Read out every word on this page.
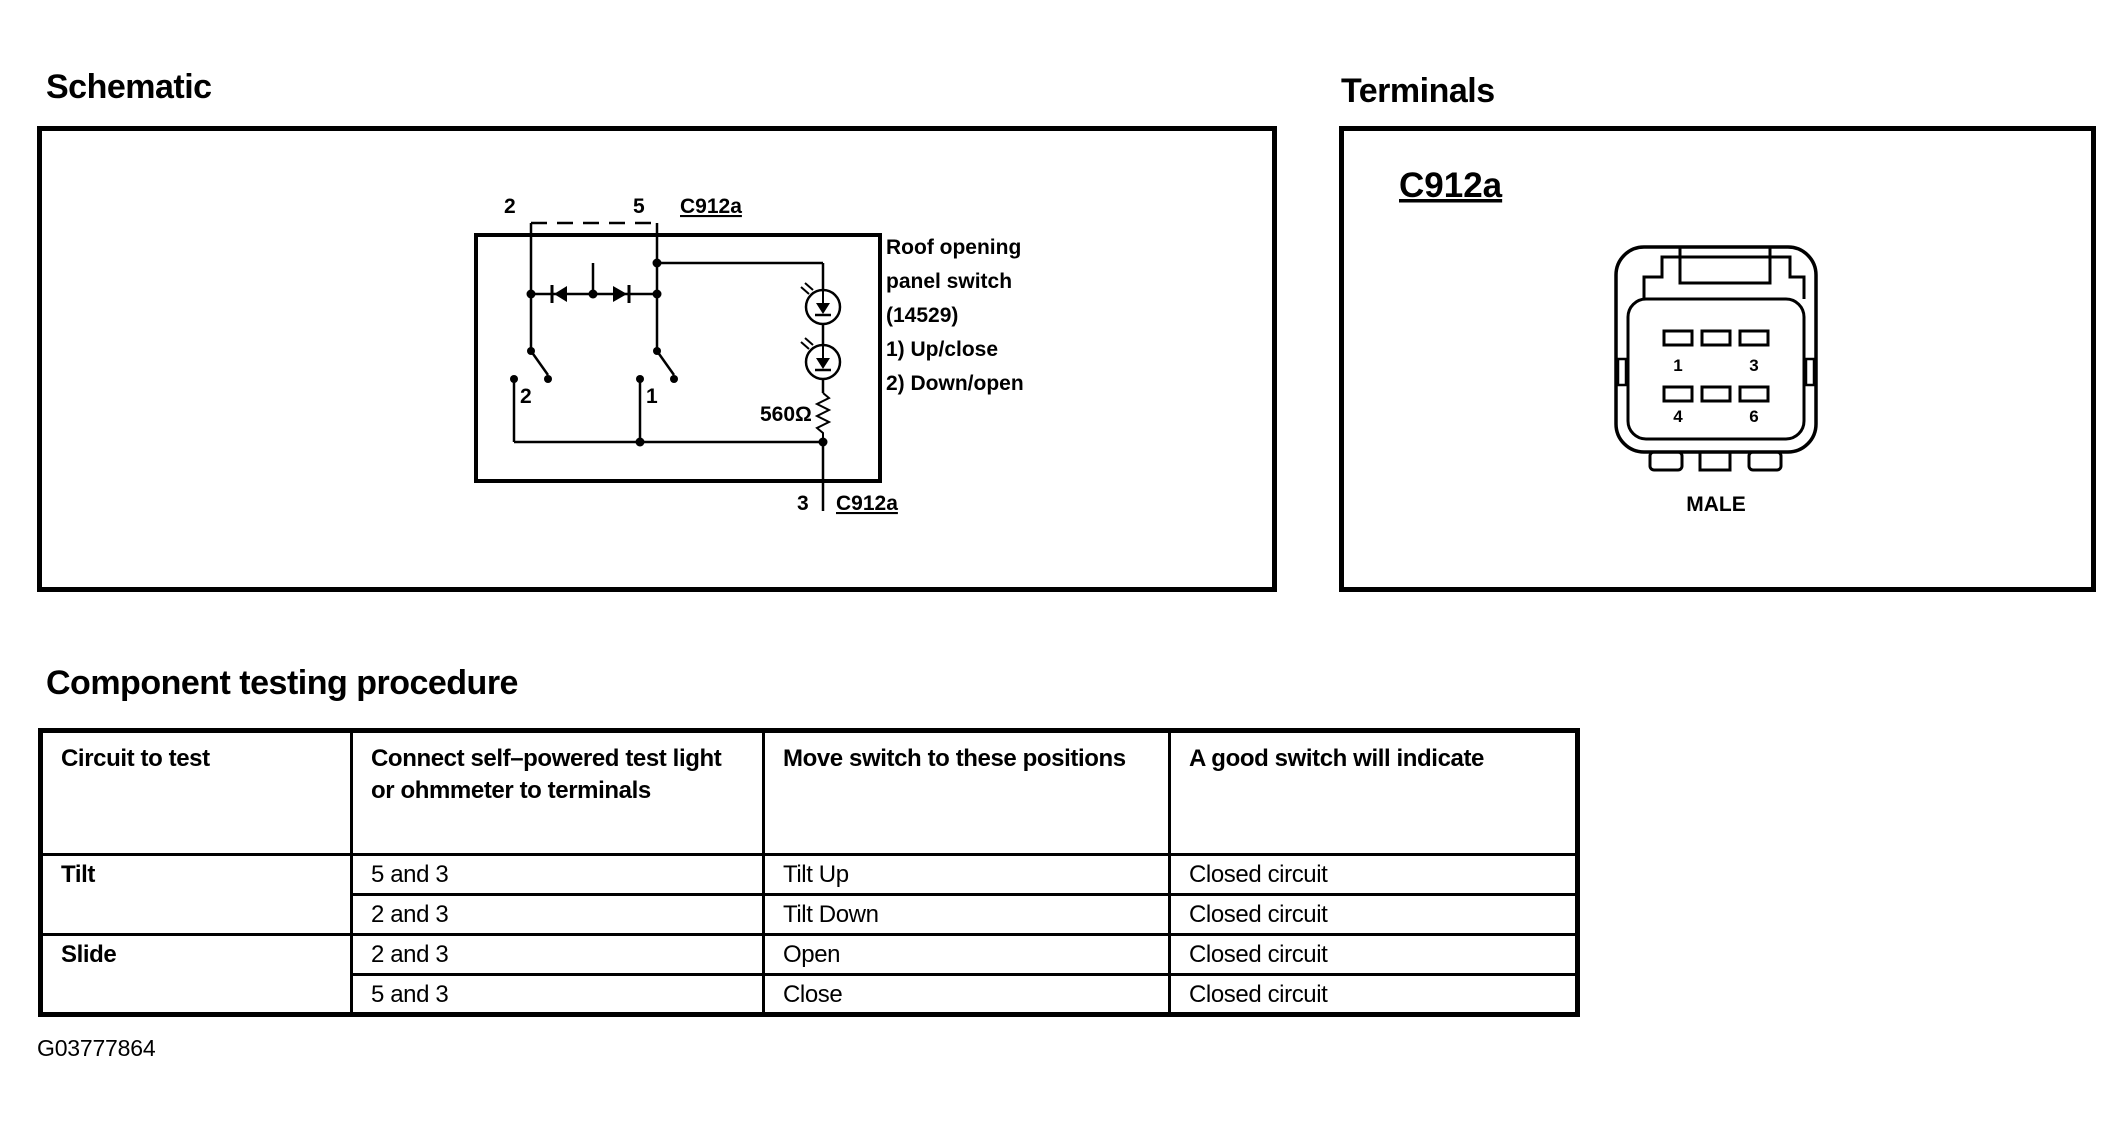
Schematic
2	5 C912a
2	1
560Ω
3 C912a
Roof opening
panel switch
(14529)
1) Up/close
2) Down/open
Terminals
C912a
1	3
4	6
MALE
Component testing procedure
Circuit to test	Connect self–powered test light or ohmmeter to terminals	Move switch to these positions	A good switch will indicate
Tilt	5 and 3	Tilt Up	Closed circuit
	2 and 3	Tilt Down	Closed circuit
Slide	2 and 3	Open	Closed circuit
	5 and 3	Close	Closed circuit
G03777864
